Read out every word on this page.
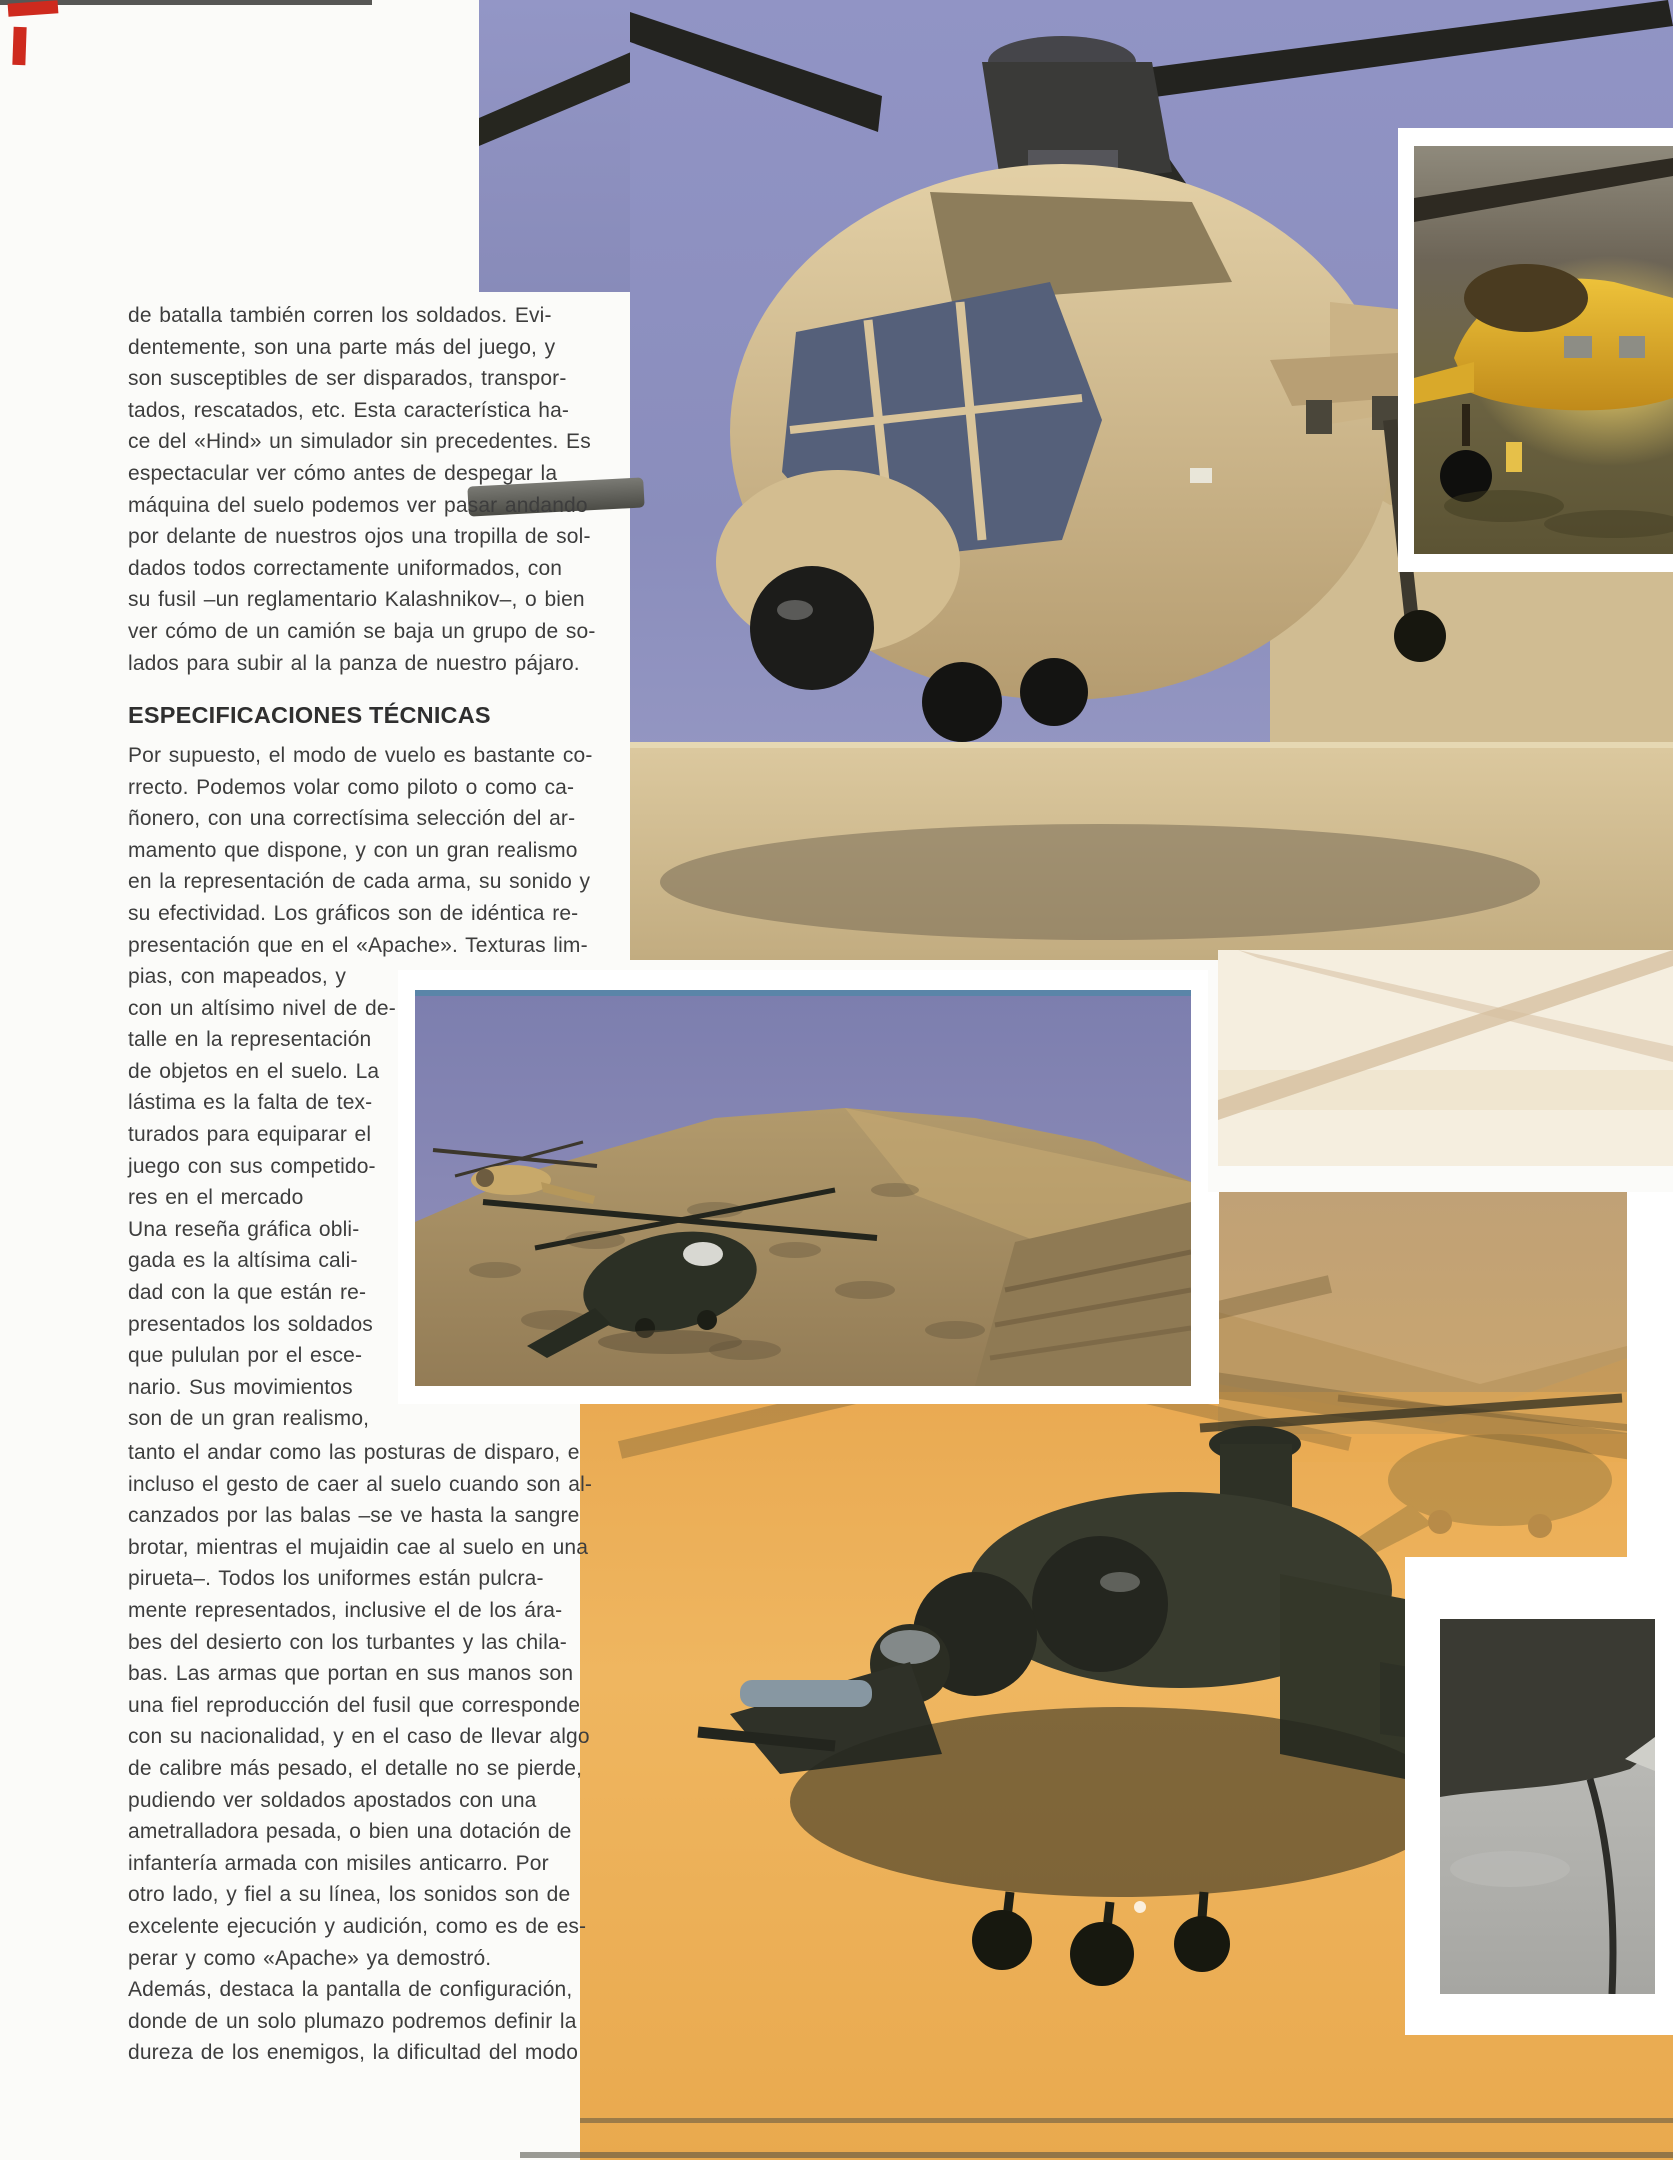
de batalla también corren los soldados. Evi-
dentemente, son una parte más del juego, y
son susceptibles de ser disparados, transpor-
tados, rescatados, etc. Esta característica ha-
ce del «Hind» un simulador sin precedentes. Es
espectacular ver cómo antes de despegar la
máquina del suelo podemos ver pasar andando
por delante de nuestros ojos una tropilla de sol-
dados todos correctamente uniformados, con
su fusil –un reglamentario Kalashnikov–, o bien
ver cómo de un camión se baja un grupo de so-
lados para subir al la panza de nuestro pájaro.
ESPECIFICACIONES TÉCNICAS
Por supuesto, el modo de vuelo es bastante co-
rrecto. Podemos volar como piloto o como ca-
ñonero, con una correctísima selección del ar-
mamento que dispone, y con un gran realismo
en la representación de cada arma, su sonido y
su efectividad. Los gráficos son de idéntica re-
presentación que en el «Apache». Texturas lim-
pias, con mapeados, y
con un altísimo nivel de de-
talle en la representación
de objetos en el suelo. La
lástima es la falta de tex-
turados para equiparar el
juego con sus competido-
res en el mercado
Una reseña gráfica obli-
gada es la altísima cali-
dad con la que están re-
presentados los soldados
que pululan por el esce-
nario. Sus movimientos
son de un gran realismo,
tanto el andar como las posturas de disparo, e
incluso el gesto de caer al suelo cuando son al-
canzados por las balas –se ve hasta la sangre
brotar, mientras el mujaidin cae al suelo en una
pirueta–. Todos los uniformes están pulcra-
mente representados, inclusive el de los ára-
bes del desierto con los turbantes y las chila-
bas. Las armas que portan en sus manos son
una fiel reproducción del fusil que corresponde
con su nacionalidad, y en el caso de llevar algo
de calibre más pesado, el detalle no se pierde,
pudiendo ver soldados apostados con una
ametralladora pesada, o bien una dotación de
infantería armada con misiles anticarro. Por
otro lado, y fiel a su línea, los sonidos son de
excelente ejecución y audición, como es de es-
perar y como «Apache» ya demostró.
Además, destaca la pantalla de configuración,
donde de un solo plumazo podremos definir la
dureza de los enemigos, la dificultad del modo
